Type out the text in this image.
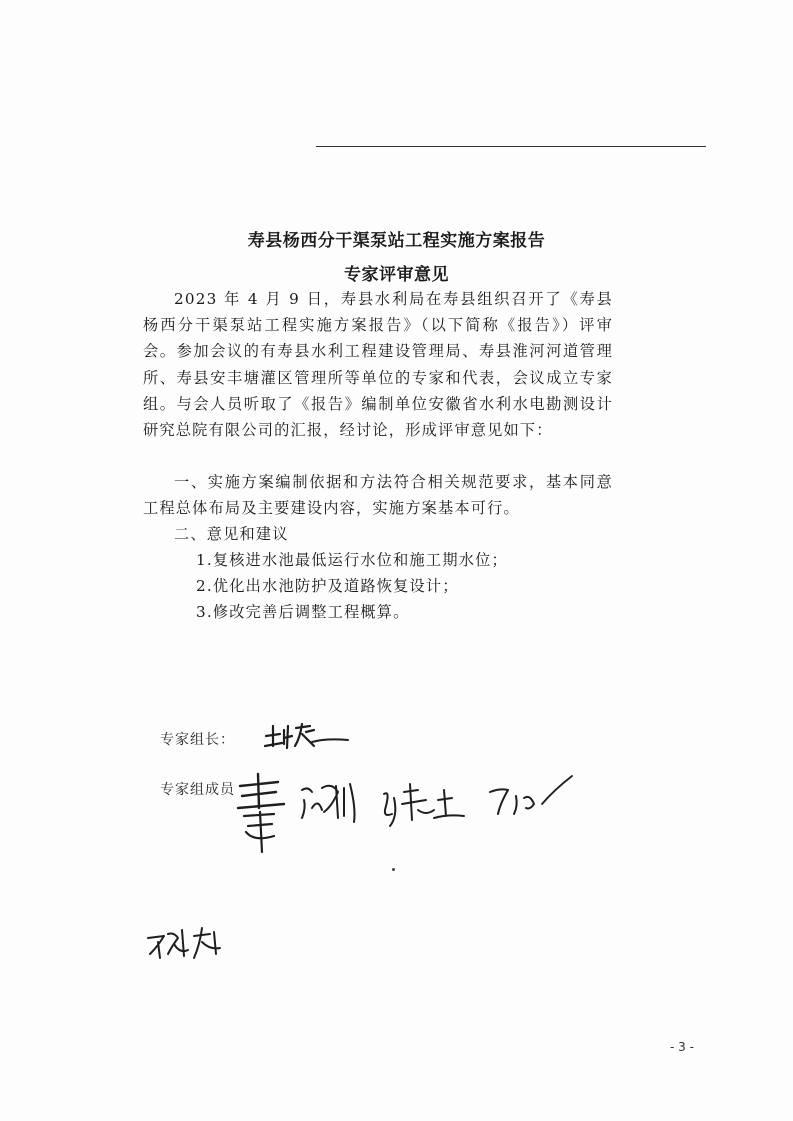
寿县杨西分干渠泵站工程实施方案报告
专家评审意见

2023 年 4 月 9 日，寿县水利局在寿县组织召开了《寿县杨西分干渠泵站工程实施方案报告》（以下简称《报告》）评审会。参加会议的有寿县水利工程建设管理局、寿县淮河河道管理所、寿县安丰塘灌区管理所等单位的专家和代表，会议成立专家组。与会人员听取了《报告》编制单位安徽省水利水电勘测设计研究总院有限公司的汇报，经讨论，形成评审意见如下：

一、实施方案编制依据和方法符合相关规范要求，基本同意工程总体布局及主要建设内容，实施方案基本可行。

二、意见和建议

1.复核进水池最低运行水位和施工期水位；

2.优化出水池防护及道路恢复设计；

3.修改完善后调整工程概算。

专家组长：
专家组成员
- 3 -
